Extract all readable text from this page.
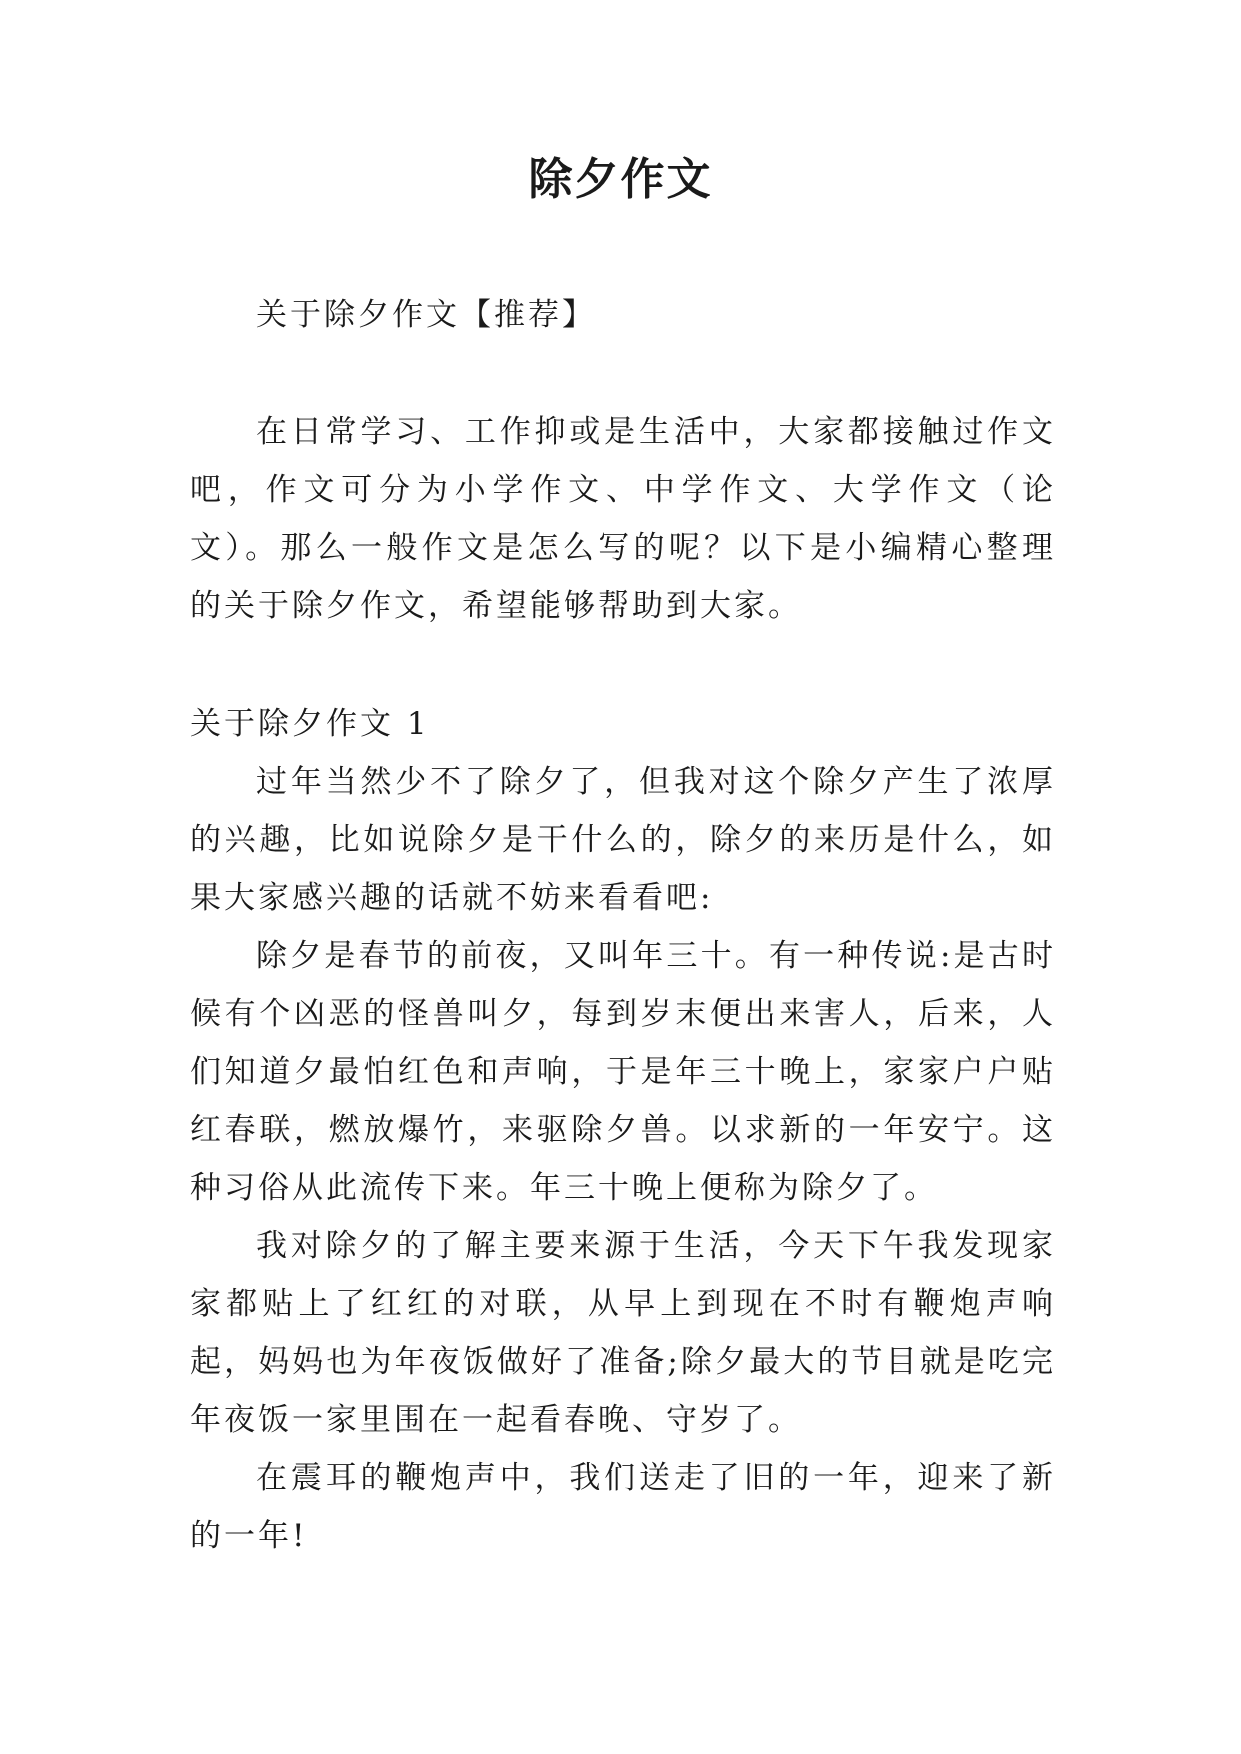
除夕作文
关于除夕作文【推荐】
在日常学习、工作抑或是生活中，大家都接触过作文吧，作文可分为小学作文、中学作文、大学作文（论文）。那么一般作文是怎么写的呢？以下是小编精心整理的关于除夕作文，希望能够帮助到大家。
关于除夕作文 1

过年当然少不了除夕了，但我对这个除夕产生了浓厚的兴趣，比如说除夕是干什么的，除夕的来历是什么，如果大家感兴趣的话就不妨来看看吧:

除夕是春节的前夜，又叫年三十。有一种传说:是古时候有个凶恶的怪兽叫夕，每到岁末便出来害人，后来，人们知道夕最怕红色和声响，于是年三十晚上，家家户户贴红春联，燃放爆竹，来驱除夕兽。以求新的一年安宁。这种习俗从此流传下来。年三十晚上便称为除夕了。

我对除夕的了解主要来源于生活，今天下午我发现家家都贴上了红红的对联，从早上到现在不时有鞭炮声响起，妈妈也为年夜饭做好了准备;除夕最大的节目就是吃完年夜饭一家里围在一起看春晚、守岁了。

在震耳的鞭炮声中，我们送走了旧的一年，迎来了新的一年!
